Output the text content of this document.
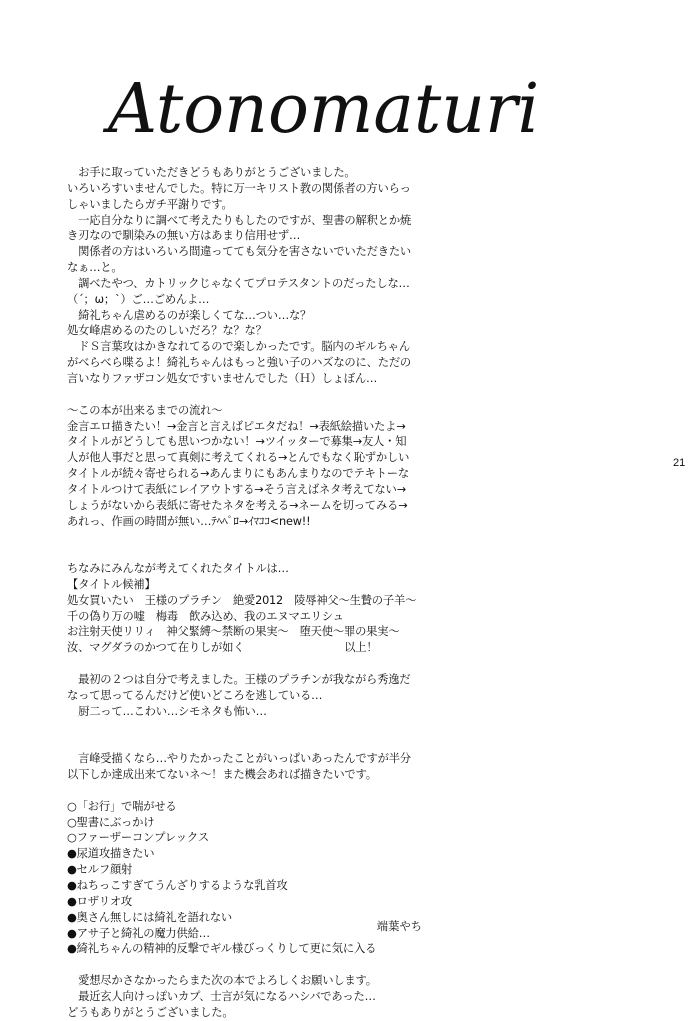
Atonomaturi
21
　お手に取っていただきどうもありがとうございました。
いろいろすいませんでした。特に万一キリスト教の関係者の方いらっ
しゃいましたらガチ平謝りです。
　一応自分なりに調べて考えたりもしたのですが、聖書の解釈とか焼
き刃なので馴染みの無い方はあまり信用せず…
　関係者の方はいろいろ間違ってても気分を害さないでいただきたい
なぁ…と。
　調べたやつ、カトリックじゃなくてプロテスタントのだったしな…
（´；ω；`）ご…ごめんよ…
　綺礼ちゃん虐めるのが楽しくてな…つい…な？
処女峰虐めるのたのしいだろ？な？な？
　ドＳ言葉攻はかきなれてるので楽しかったです。脳内のギルちゃん
がべらべら喋るよ！綺礼ちゃんはもっと強い子のハズなのに、ただの
言いなりファザコン処女ですいませんでした（Ｈ）しょぼん…
〜この本が出来るまでの流れ〜
金言エロ描きたい！→金言と言えばピエタだね！→表紙絵描いたよ→
タイトルがどうしても思いつかない！→ツイッターで募集→友人・知
人が他人事だと思って真剣に考えてくれる→とんでもなく恥ずかしい
タイトルが続々寄せられる→あんまりにもあんまりなのでテキトーな
タイトルつけて表紙にレイアウトする→そう言えばネタ考えてない→
しょうがないから表紙に寄せたネタを考える→ネームを切ってみる→
あれっ、作画の時間が無い…ﾃﾍﾍﾟﾛ→ｲﾏｺｺ<new!!
ちなみにみんなが考えてくれたタイトルは…
【タイトル候補】
処女買いたい　王様のプラチン　絶愛2012　陵辱神父〜生贄の子羊〜
千の偽り万の嘘　梅毒　飲み込め、我のエヌマエリシュ
お注射天使リリィ　神父緊縛〜禁断の果実〜　堕天使〜罪の果実〜
汝、マグダラのかつて在りしが如く　　　　　　　　　以上！
　最初の２つは自分で考えました。王様のプラチンが我ながら秀逸だ
なって思ってるんだけど使いどころを逃している…
　厨二って…こわい…シモネタも怖い…
　言峰受描くなら…やりたかったことがいっぱいあったんですが半分
以下しか達成出来てないネ〜！また機会あれば描きたいです。
○「お行」で喘がせる
○聖書にぶっかけ
○ファーザーコンプレックス
●尿道攻描きたい
●セルフ顔射
●ねちっこすぎてうんざりするような乳首攻
●ロザリオ攻
●奥さん無しには綺礼を語れない
●アサ子と綺礼の魔力供給…
●綺礼ちゃんの精神的反撃でギル様びっくりして更に気に入る
　愛想尽かさなかったらまた次の本でよろしくお願いします。
　最近玄人向けっぽいカプ、士言が気になるハシバであった…
どうもありがとうございました。
端葉やち
